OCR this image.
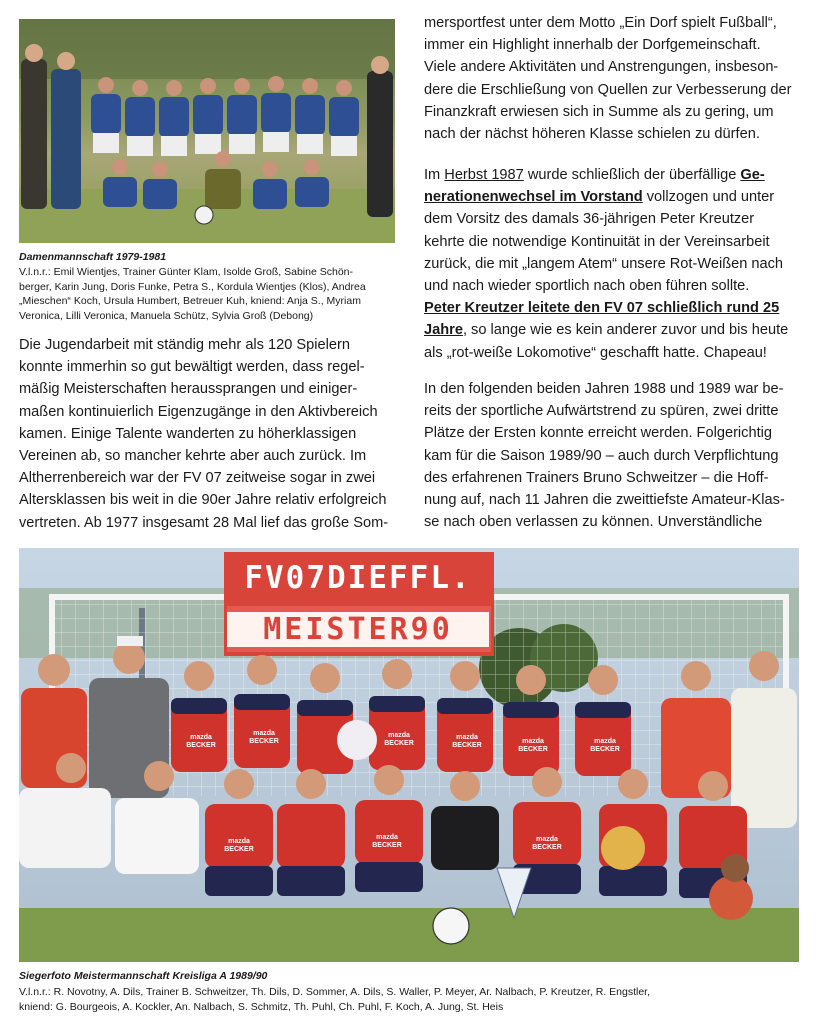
Damenmannschaft 1979-1981
V.l.n.r.: Emil Wientjes, Trainer Günter Klam, Isolde Groß, Sabine Schön-
berger, Karin Jung, Doris Funke, Petra S., Kordula Wientjes (Klos), Andrea
„Mieschen“ Koch, Ursula Humbert, Betreuer Kuh, kniend: Anja S., Myriam
Veronica, Lilli Veronica, Manuela Schütz, Sylvia Groß (Debong)
Die Jugendarbeit mit ständig mehr als 120 Spielern
konnte immerhin so gut bewältigt werden, dass regel-
mäßig Meisterschaften heraussprangen und einiger-
maßen kontinuierlich Eigenzugänge in den Aktivbereich
kamen. Einige Talente wanderten zu höherklassigen
Vereinen ab, so mancher kehrte aber auch zurück. Im
Altherrenbereich war der FV 07 zeitweise sogar in zwei
Altersklassen bis weit in die 90er Jahre relativ erfolgreich
vertreten. Ab 1977 insgesamt 28 Mal lief das große Som-
mersportfest unter dem Motto „Ein Dorf spielt Fußball“,
immer ein Highlight innerhalb der Dorfgemeinschaft.
Viele andere Aktivitäten und Anstrengungen, insbeson-
dere die Erschließung von Quellen zur Verbesserung der
Finanzkraft erwiesen sich in Summe als zu gering, um
nach der nächst höheren Klasse schielen zu dürfen.
Im Herbst 1987 wurde schließlich der überfällige Ge-
nerationenwechsel im Vorstand vollzogen und unter
dem Vorsitz des damals 36-jährigen Peter Kreutzer
kehrte die notwendige Kontinuität in der Vereinsarbeit
zurück, die mit „langem Atem“ unsere Rot-Weißen nach
und nach wieder sportlich nach oben führen sollte.
Peter Kreutzer leitete den FV 07 schließlich rund 25
Jahre, so lange wie es kein anderer zuvor und bis heute
als „rot-weiße Lokomotive“ geschafft hatte. Chapeau!
In den folgenden beiden Jahren 1988 und 1989 war be-
reits der sportliche Aufwärtstrend zu spüren, zwei dritte
Plätze der Ersten konnte erreicht werden. Folgerichtig
kam für die Saison 1989/90 – auch durch Verpflichtung
des erfahrenen Trainers Bruno Schweitzer – die Hoff-
nung auf, nach 11 Jahren die zweittiefste Amateur-Klas-
se nach oben verlassen zu können. Unverständliche
FV07DIEFFL.
MEISTER90
mazda BECKER
mazda BECKER
mazda BECKER
mazda BECKER
mazda BECKER
mazda BECKER
mazda BECKER
mazda BECKER
mazda BECKER
Siegerfoto Meistermannschaft Kreisliga A 1989/90
V.l.n.r.: R. Novotny, A. Dils, Trainer B. Schweitzer, Th. Dils, D. Sommer, A. Dils, S. Waller, P. Meyer, Ar. Nalbach, P. Kreutzer, R. Engstler,
kniend: G. Bourgeois, A. Kockler, An. Nalbach, S. Schmitz, Th. Puhl, Ch. Puhl, F. Koch, A. Jung, St. Heis
